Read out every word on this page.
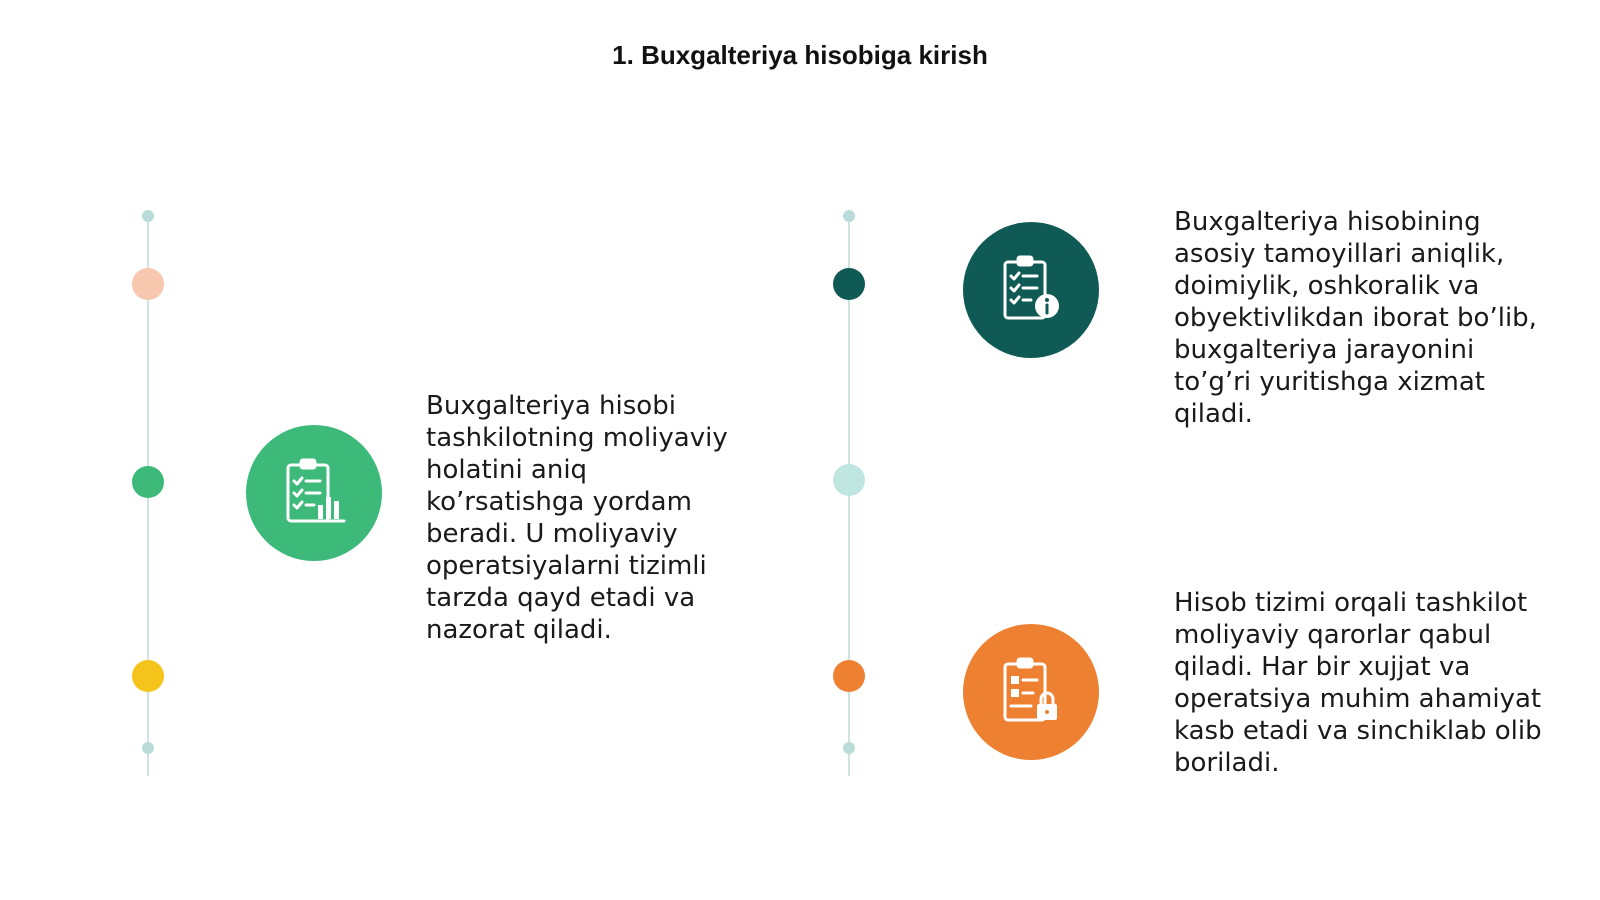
1. Buxgalteriya hisobiga kirish
Buxgalteriya hisobi tashkilotning moliyaviy holatini aniq ko’rsatishga yordam beradi. U moliyaviy operatsiyalarni tizimli tarzda qayd etadi va nazorat qiladi.
Buxgalteriya hisobining asosiy tamoyillari aniqlik, doimiylik, oshkoralik va obyektivlikdan iborat bo’lib, buxgalteriya jarayonini to’g’ri yuritishga xizmat qiladi.
Hisob tizimi orqali tashkilot moliyaviy qarorlar qabul qiladi. Har bir xujjat va operatsiya muhim ahamiyat kasb etadi va sinchiklab olib boriladi.
